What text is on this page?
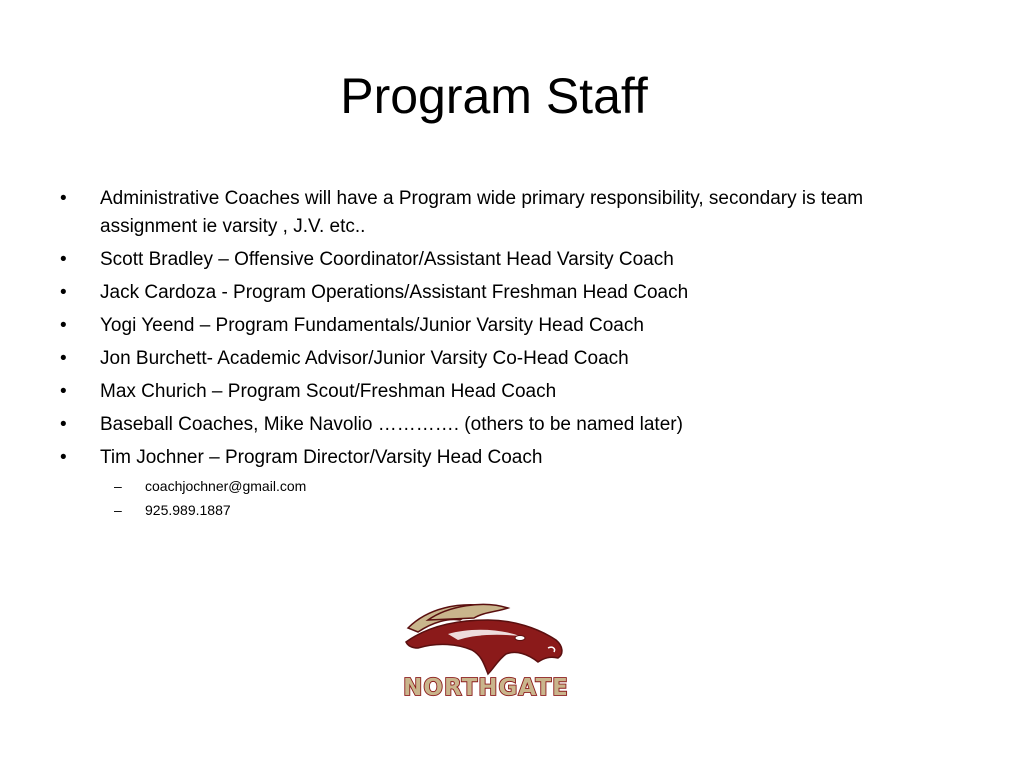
Program Staff
•	Administrative Coaches will have a Program wide primary responsibility, secondary is team assignment ie varsity , J.V. etc..
•	Scott Bradley – Offensive Coordinator/Assistant Head Varsity Coach
•	Jack Cardoza - Program Operations/Assistant Freshman Head Coach
•	Yogi Yeend – Program Fundamentals/Junior Varsity Head Coach
•	Jon Burchett- Academic Advisor/Junior Varsity Co-Head Coach
•	Max Churich – Program Scout/Freshman Head Coach
•	Baseball Coaches, Mike Navolio …………. (others to be named later)
•	Tim Jochner – Program Director/Varsity Head Coach
– coachjochner@gmail.com
– 925.989.1887
NORTHGATE
